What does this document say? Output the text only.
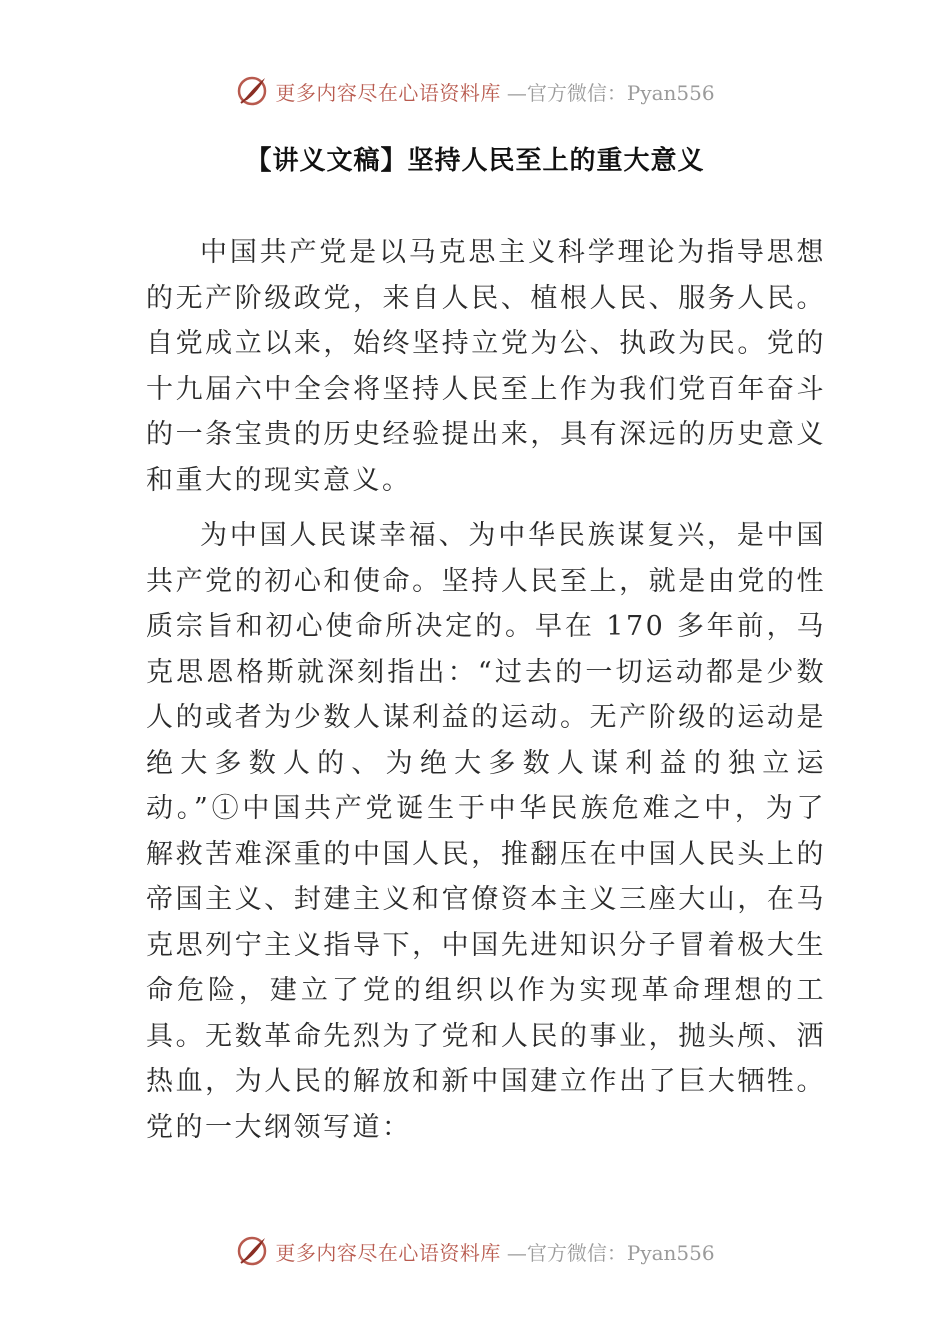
更多内容尽在心语资料库 —官方微信：Pyan556
【讲义文稿】坚持人民至上的重大意义

中国共产党是以马克思主义科学理论为指导思想的无产阶级政党，来自人民、植根人民、服务人民。自党成立以来，始终坚持立党为公、执政为民。党的十九届六中全会将坚持人民至上作为我们党百年奋斗的一条宝贵的历史经验提出来，具有深远的历史意义和重大的现实意义。

为中国人民谋幸福、为中华民族谋复兴，是中国共产党的初心和使命。坚持人民至上，就是由党的性质宗旨和初心使命所决定的。早在 170 多年前，马克思恩格斯就深刻指出：“过去的一切运动都是少数人的或者为少数人谋利益的运动。无产阶级的运动是绝大多数人的、为绝大多数人谋利益的独立运动。”①中国共产党诞生于中华民族危难之中，为了解救苦难深重的中国人民，推翻压在中国人民头上的帝国主义、封建主义和官僚资本主义三座大山，在马克思列宁主义指导下，中国先进知识分子冒着极大生命危险，建立了党的组织以作为实现革命理想的工具。无数革命先烈为了党和人民的事业，抛头颅、洒热血，为人民的解放和新中国建立作出了巨大牺牲。党的一大纲领写道：

更多内容尽在心语资料库 —官方微信：Pyan556
